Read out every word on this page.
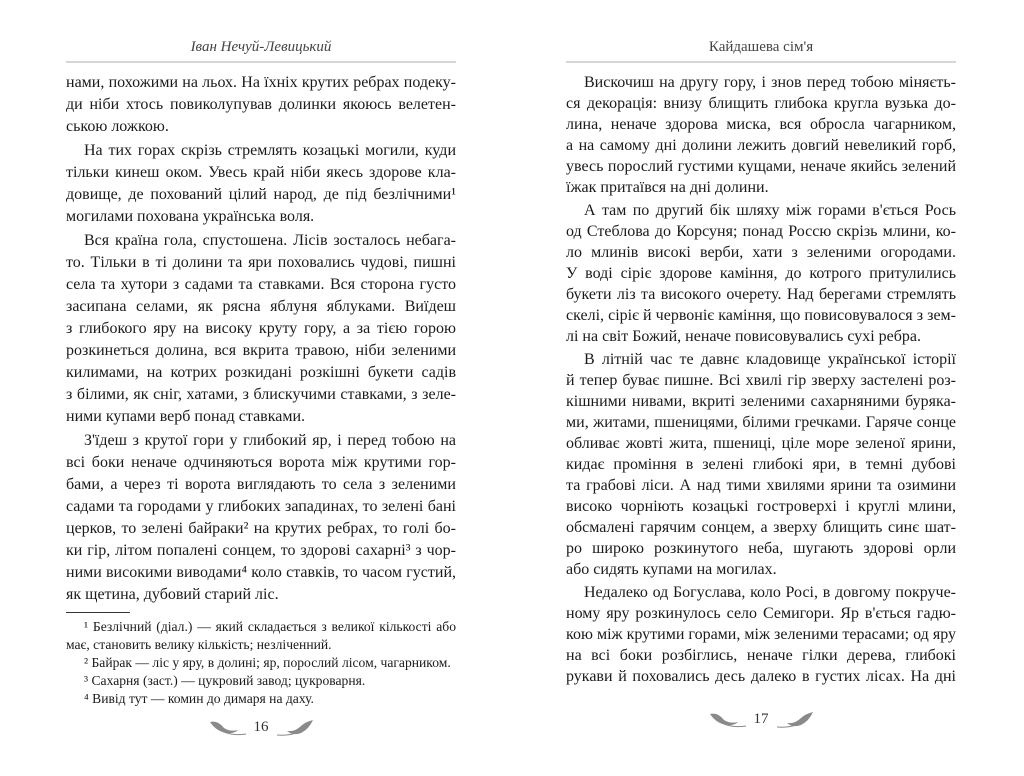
Іван Нечуй-Левицький
нами, похожими на льох. На їхніх крутих ребрах подеку-
ди ніби хтось повиколупував долинки якоюсь велетен-
ською ложкою.
На тих горах скрізь стремлять козацькі могили, куди
тільки кинеш оком. Увесь край ніби якесь здорове кла-
довище, де похований цілий народ, де під безлічними¹
могилами похована українська воля.
Вся країна гола, спустошена. Лісів зосталось небага-
то. Тільки в ті долини та яри поховались чудові, пишні
села та хутори з садами та ставками. Вся сторона густо
засипана селами, як рясна яблуня яблуками. Виїдеш
з глибокого яру на високу круту гору, а за тією горою
розкинеться долина, вся вкрита травою, ніби зеленими
килимами, на котрих розкидані розкішні букети садів
з білими, як сніг, хатами, з блискучими ставками, з зеле-
ними купами верб понад ставками.
З'їдеш з крутої гори у глибокий яр, і перед тобою на
всі боки неначе одчиняються ворота між крутими гор-
бами, а через ті ворота виглядають то села з зеленими
садами та городами у глибоких западинах, то зелені бані
церков, то зелені байраки² на крутих ребрах, то голі бо-
ки гір, літом попалені сонцем, то здорові сахарні³ з чор-
ними високими виводами⁴ коло ставків, то часом густий,
як щетина, дубовий старий ліс.
¹ Безлічний (діал.) — який складається з великої кількості або
має, становить велику кількість; незліченний.
² Байрак — ліс у яру, в долині; яр, порослий лісом, чагарником.
³ Сахарня (заст.) — цукровий завод; цукроварня.
⁴ Вивід тут — комин до димаря на даху.
16
Кайдашева сім'я
Вискочиш на другу гору, і знов перед тобою міняєть-
ся декорація: внизу блищить глибока кругла вузька до-
лина, неначе здорова миска, вся обросла чагарником,
а на самому дні долини лежить довгий невеликий горб,
увесь порослий густими кущами, неначе якийсь зелений
їжак притаївся на дні долини.
А там по другий бік шляху між горами в'ється Рось
од Стеблова до Корсуня; понад Россю скрізь млини, ко-
ло млинів високі верби, хати з зеленими огородами.
У воді сіріє здорове каміння, до котрого притулились
букети ліз та високого очерету. Над берегами стремлять
скелі, сіріє й червоніє каміння, що повисовувалося з зем-
лі на світ Божий, неначе повисовувались сухі ребра.
В літній час те давнє кладовище української історії
й тепер буває пишне. Всі хвилі гір зверху застелені роз-
кішними нивами, вкриті зеленими сахарняними буряка-
ми, житами, пшеницями, білими гречками. Гаряче сонце
обливає жовті жита, пшениці, ціле море зеленої ярини,
кидає проміння в зелені глибокі яри, в темні дубові
та грабові ліси. А над тими хвилями ярини та озимини
високо чорніють козацькі гостроверхі і круглі млини,
обсмалені гарячим сонцем, а зверху блищить синє шат-
ро широко розкинутого неба, шугають здорові орли
або сидять купами на могилах.
Недалеко од Богуслава, коло Росі, в довгому покруче-
ному яру розкинулось село Семигори. Яр в'ється гадю-
кою між крутими горами, між зеленими терасами; од яру
на всі боки розбіглись, неначе гілки дерева, глибокі
рукави й поховались десь далеко в густих лісах. На дні
17
